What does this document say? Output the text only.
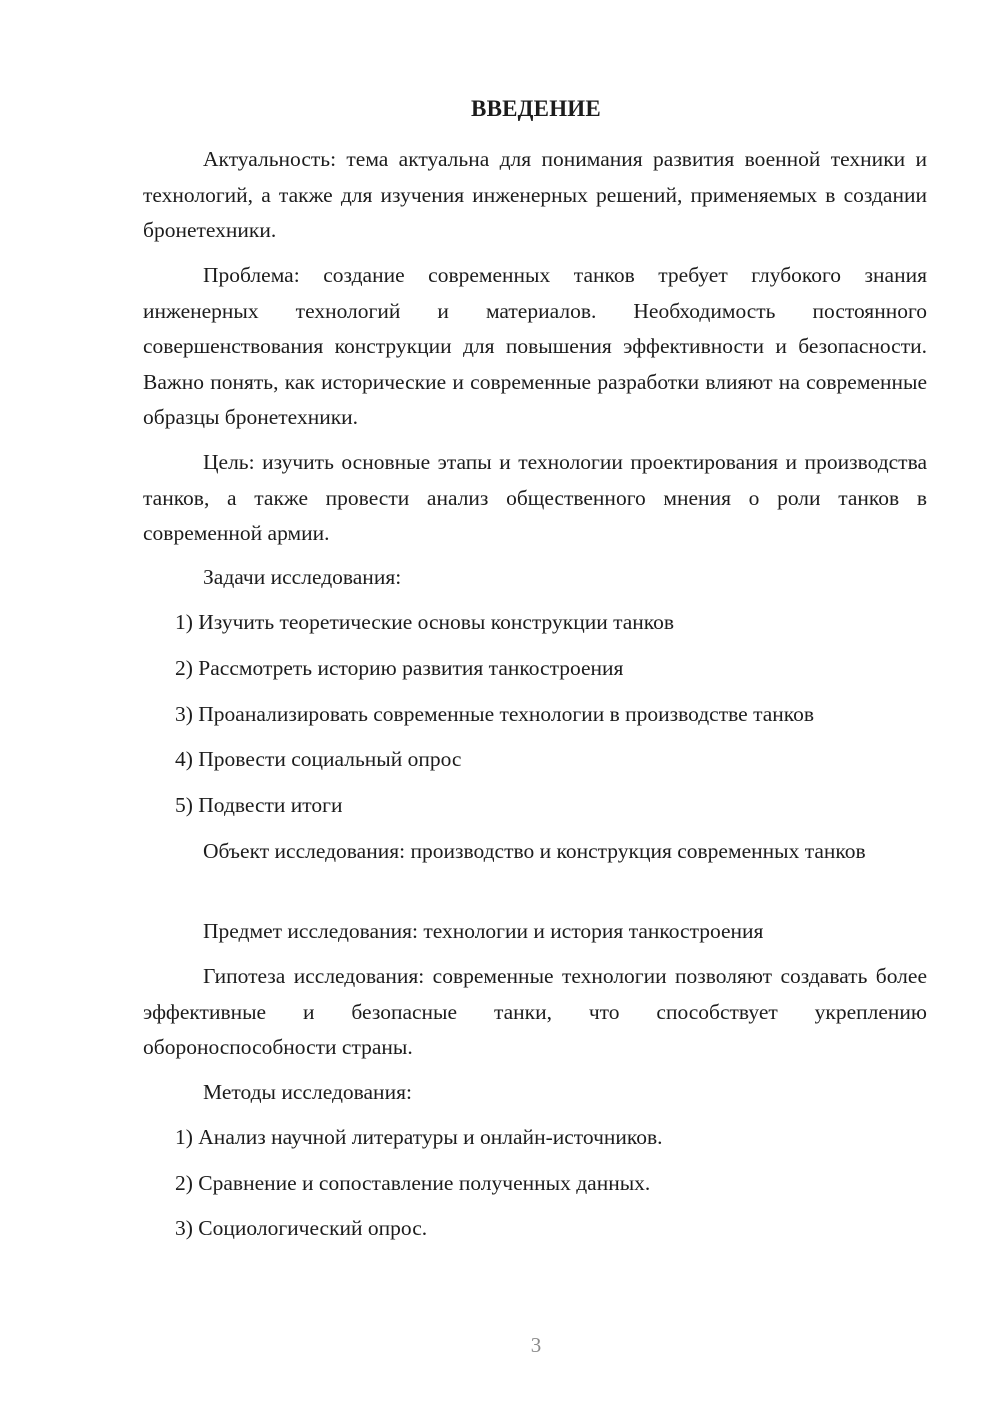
ВВЕДЕНИЕ
Актуальность: тема актуальна для понимания развития военной техники и технологий, а также для изучения инженерных решений, применяемых в создании бронетехники.
Проблема: создание современных танков требует глубокого знания инженерных технологий и материалов. Необходимость постоянного совершенствования конструкции для повышения эффективности и безопасности. Важно понять, как исторические и современные разработки влияют на современные образцы бронетехники.
Цель: изучить основные этапы и технологии проектирования и производства танков, а также провести анализ общественного мнения о роли танков в современной армии.
Задачи исследования:
1) Изучить теоретические основы конструкции танков
2) Рассмотреть историю развития танкостроения
3) Проанализировать современные технологии в производстве танков
4) Провести социальный опрос
5) Подвести итоги
Объект исследования: производство и конструкция современных танков
Предмет исследования: технологии и история танкостроения
Гипотеза исследования: современные технологии позволяют создавать более эффективные и безопасные танки, что способствует укреплению обороноспособности страны.
Методы исследования:
1) Анализ научной литературы и онлайн-источников.
2) Сравнение и сопоставление полученных данных.
3) Социологический опрос.
3
